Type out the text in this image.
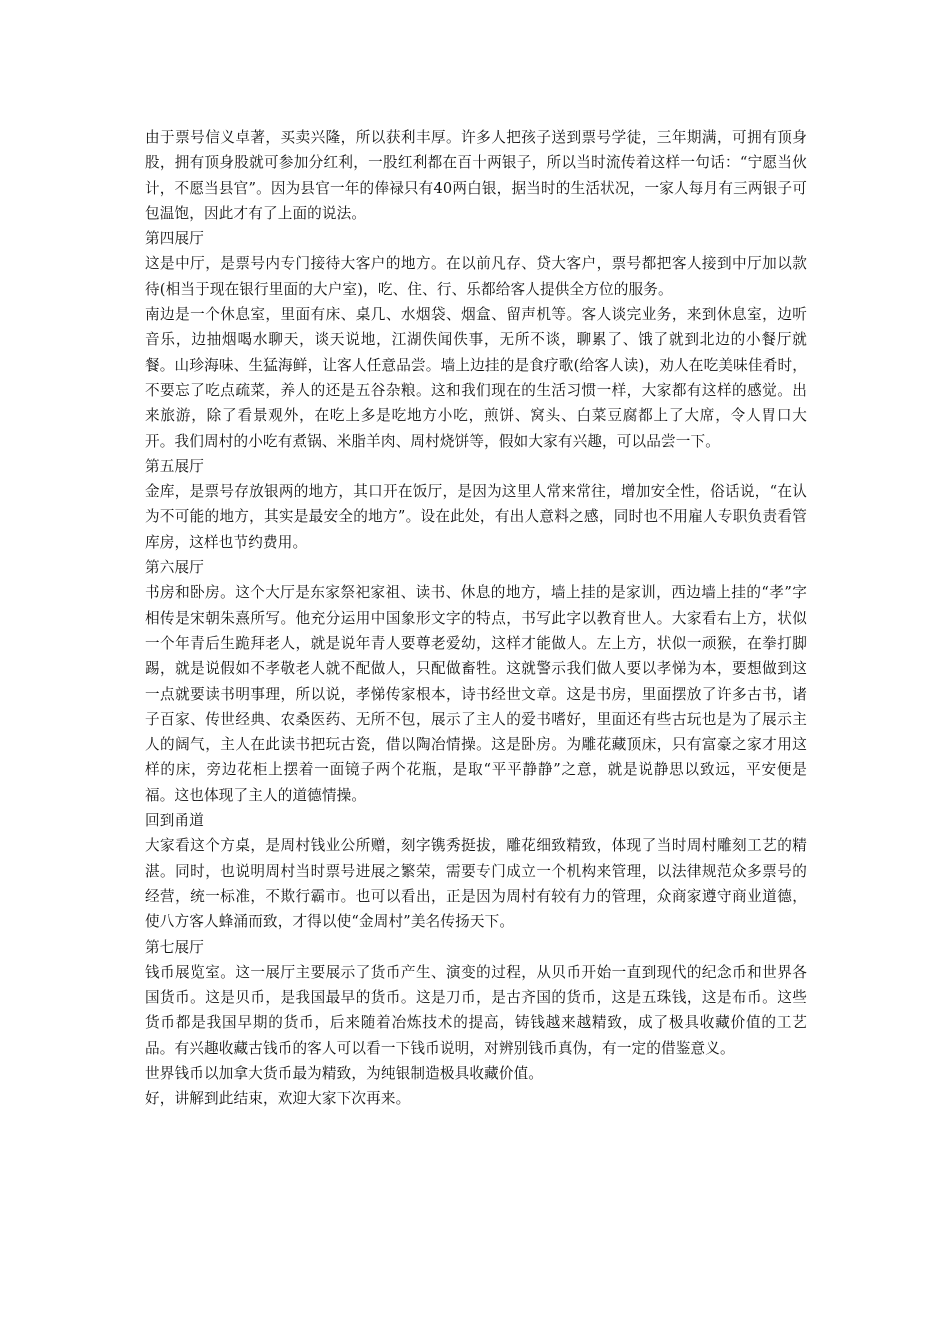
由于票号信义卓著，买卖兴隆，所以获利丰厚。许多人把孩子送到票号学徒，三年期满，可拥有顶身股，拥有顶身股就可参加分红利，一股红利都在百十两银子，所以当时流传着这样一句话：“宁愿当伙计，不愿当县官”。因为县官一年的俸禄只有40两白银，据当时的生活状况，一家人每月有三两银子可包温饱，因此才有了上面的说法。

第四展厅

这是中厅，是票号内专门接待大客户的地方。在以前凡存、贷大客户，票号都把客人接到中厅加以款待(相当于现在银行里面的大户室)，吃、住、行、乐都给客人提供全方位的服务。

南边是一个休息室，里面有床、桌几、水烟袋、烟盒、留声机等。客人谈完业务，来到休息室，边听音乐，边抽烟喝水聊天，谈天说地，江湖佚闻佚事，无所不谈，聊累了、饿了就到北边的小餐厅就餐。山珍海味、生猛海鲜，让客人任意品尝。墙上边挂的是食疗歌(给客人读)，劝人在吃美味佳肴时，不要忘了吃点疏菜，养人的还是五谷杂粮。这和我们现在的生活习惯一样，大家都有这样的感觉。出来旅游，除了看景观外，在吃上多是吃地方小吃，煎饼、窝头、白菜豆腐都上了大席，令人胃口大开。我们周村的小吃有煮锅、米脂羊肉、周村烧饼等，假如大家有兴趣，可以品尝一下。

第五展厅

金库，是票号存放银两的地方，其口开在饭厅，是因为这里人常来常往，增加安全性，俗话说，“在认为不可能的地方，其实是最安全的地方”。设在此处，有出人意料之感，同时也不用雇人专职负责看管库房，这样也节约费用。

第六展厅

书房和卧房。这个大厅是东家祭祀家祖、读书、休息的地方，墙上挂的是家训，西边墙上挂的“孝”字相传是宋朝朱熹所写。他充分运用中国象形文字的特点，书写此字以教育世人。大家看右上方，状似一个年青后生跪拜老人，就是说年青人要尊老爱幼，这样才能做人。左上方，状似一顽猴，在拳打脚踢，就是说假如不孝敬老人就不配做人，只配做畜牲。这就警示我们做人要以孝悌为本，要想做到这一点就要读书明事理，所以说，孝悌传家根本，诗书经世文章。这是书房，里面摆放了许多古书，诸子百家、传世经典、农桑医药、无所不包，展示了主人的爱书嗜好，里面还有些古玩也是为了展示主人的阔气，主人在此读书把玩古瓷，借以陶冶情操。这是卧房。为雕花藏顶床，只有富豪之家才用这样的床，旁边花柜上摆着一面镜子两个花瓶，是取“平平静静”之意，就是说静思以致远，平安便是福。这也体现了主人的道德情操。

回到甬道

大家看这个方桌，是周村钱业公所赠，刻字镌秀挺拔，雕花细致精致，体现了当时周村雕刻工艺的精湛。同时，也说明周村当时票号进展之繁荣，需要专门成立一个机构来管理，以法律规范众多票号的经营，统一标准，不欺行霸市。也可以看出，正是因为周村有较有力的管理，众商家遵守商业道德，使八方客人蜂涌而致，才得以使“金周村”美名传扬天下。

第七展厅

钱币展览室。这一展厅主要展示了货币产生、演变的过程，从贝币开始一直到现代的纪念币和世界各国货币。这是贝币，是我国最早的货币。这是刀币，是古齐国的货币，这是五珠钱，这是布币。这些货币都是我国早期的货币，后来随着冶炼技术的提高，铸钱越来越精致，成了极具收藏价值的工艺品。有兴趣收藏古钱币的客人可以看一下钱币说明，对辨别钱币真伪，有一定的借鉴意义。

世界钱币以加拿大货币最为精致，为纯银制造极具收藏价值。

好，讲解到此结束，欢迎大家下次再来。
